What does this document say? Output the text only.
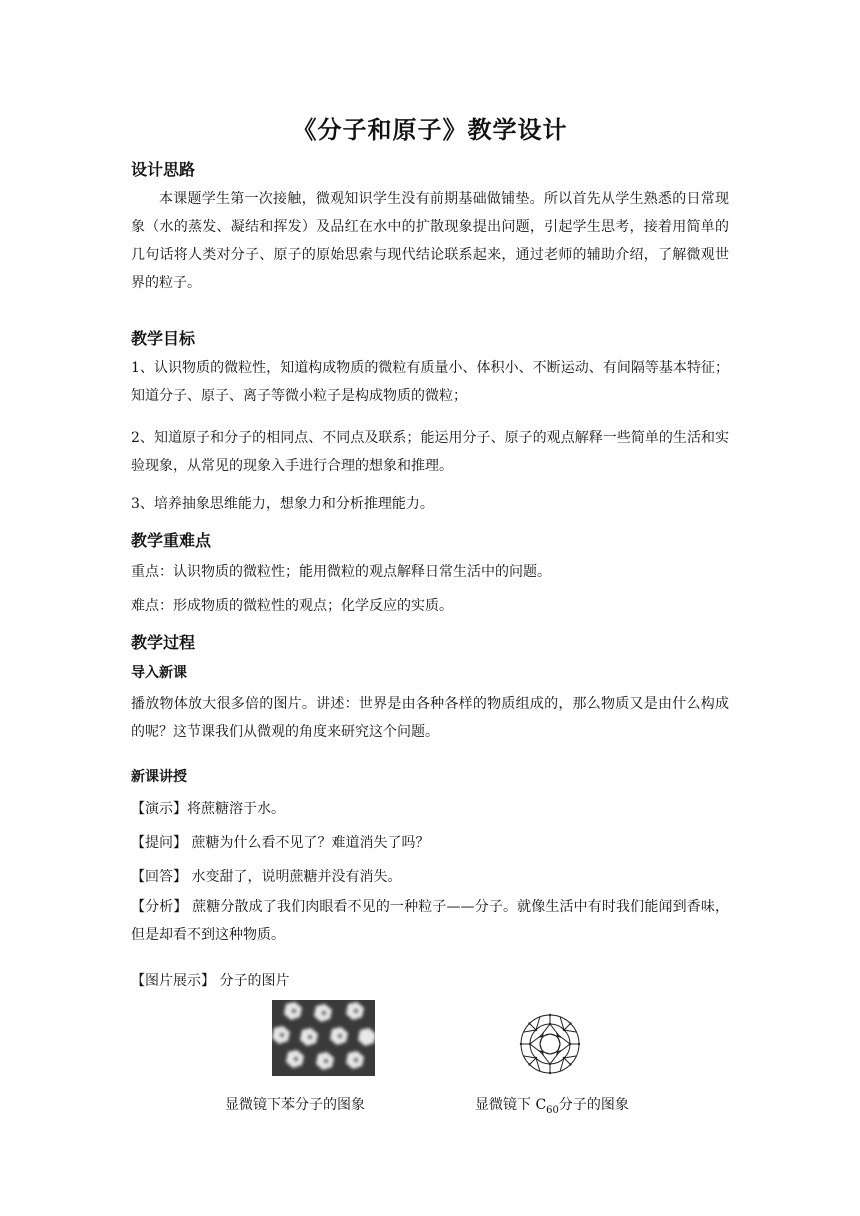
《分子和原子》教学设计
设计思路
本课题学生第一次接触，微观知识学生没有前期基础做铺垫。所以首先从学生熟悉的日常现象（水的蒸发、凝结和挥发）及品红在水中的扩散现象提出问题，引起学生思考，接着用简单的几句话将人类对分子、原子的原始思索与现代结论联系起来，通过老师的辅助介绍，了解微观世界的粒子。
教学目标
1、认识物质的微粒性，知道构成物质的微粒有质量小、体积小、不断运动、有间隔等基本特征；知道分子、原子、离子等微小粒子是构成物质的微粒；
2、知道原子和分子的相同点、不同点及联系；能运用分子、原子的观点解释一些简单的生活和实验现象，从常见的现象入手进行合理的想象和推理。
3、培养抽象思维能力，想象力和分析推理能力。
教学重难点
重点：认识物质的微粒性；能用微粒的观点解释日常生活中的问题。
难点：形成物质的微粒性的观点；化学反应的实质。
教学过程
导入新课
播放物体放大很多倍的图片。讲述：世界是由各种各样的物质组成的，那么物质又是由什么构成的呢？这节课我们从微观的角度来研究这个问题。
新课讲授
【演示】将蔗糖溶于水。
【提问】 蔗糖为什么看不见了？难道消失了吗？
【回答】 水变甜了，说明蔗糖并没有消失。
【分析】 蔗糖分散成了我们肉眼看不见的一种粒子——分子。就像生活中有时我们能闻到香味，但是却看不到这种物质。
【图片展示】 分子的图片
显微镜下苯分子的图象	显微镜下 $C_{60}$分子的图象
